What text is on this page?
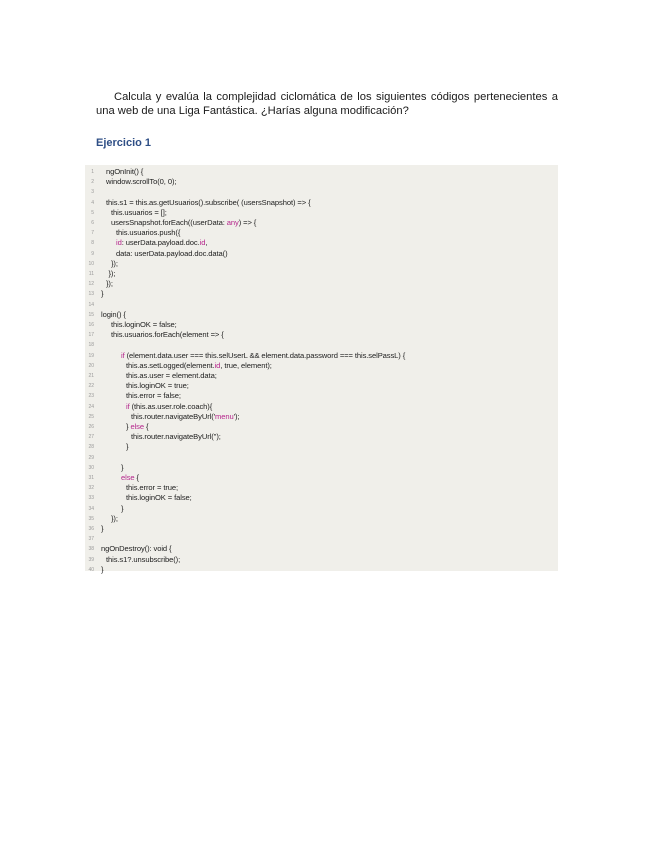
Calcula y evalúa la complejidad ciclomática de los siguientes códigos pertenecientes a una web de una Liga Fantástica. ¿Harías alguna modificación?

Ejercicio 1
1 ngOnInit() {
2 window.scrollTo(0, 0);
3
4 this.s1 = this.as.getUsuarios().subscribe( (usersSnapshot) => {
5 this.usuarios = [];
6 usersSnapshot.forEach((userData: any) => {
7	this.usuarios.push({
8	id: userData.payload.doc.id,
9	data: userData.payload.doc.data()
10 });
11 });
12 });
13 }
14
15 login() {
16 this.loginOK = false;
17 this.usuarios.forEach(element => {
18
19	if (element.data.user === this.selUserL && element.data.password === this.selPassL) {
20	this.as.setLogged(element.id, true, element);
21	this.as.user = element.data;
22	this.loginOK = true;
23	this.error = false;
24	if (this.as.user.role.coach){
25	this.router.navigateByUrl('menu');
26	} else {
27	this.router.navigateByUrl('');
28	}
29
30	}
31	else {
32	this.error = true;
33	this.loginOK = false;
34	}
35 });
36 }
37
38 ngOnDestroy(): void {
39 this.s1?.unsubscribe();
40 }
